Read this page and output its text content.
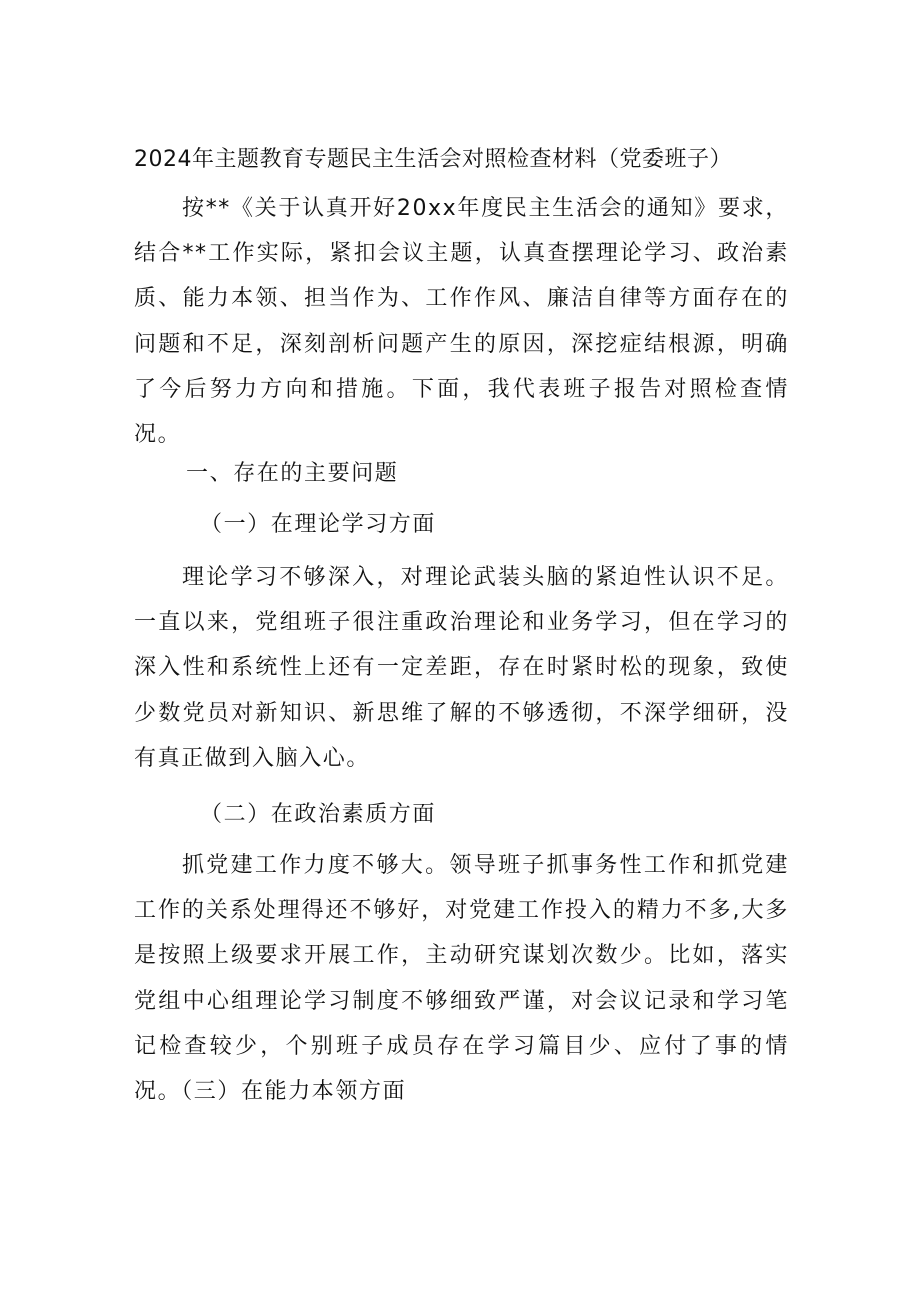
2024年主题教育专题民主生活会对照检查材料（党委班子）

按**《关于认真开好20xx年度民主生活会的通知》要求，结合**工作实际，紧扣会议主题，认真查摆理论学习、政治素质、能力本领、担当作为、工作作风、廉洁自律等方面存在的问题和不足，深刻剖析问题产生的原因，深挖症结根源，明确了今后努力方向和措施。下面，我代表班子报告对照检查情况。

一、存在的主要问题

（一）在理论学习方面

理论学习不够深入，对理论武装头脑的紧迫性认识不足。一直以来，党组班子很注重政治理论和业务学习，但在学习的深入性和系统性上还有一定差距，存在时紧时松的现象，致使少数党员对新知识、新思维了解的不够透彻，不深学细研，没有真正做到入脑入心。

（二）在政治素质方面

抓党建工作力度不够大。领导班子抓事务性工作和抓党建工作的关系处理得还不够好，对党建工作投入的精力不多,大多是按照上级要求开展工作，主动研究谋划次数少。比如，落实党组中心组理论学习制度不够细致严谨，对会议记录和学习笔记检查较少，个别班子成员存在学习篇目少、应付了事的情况。（三）在能力本领方面
